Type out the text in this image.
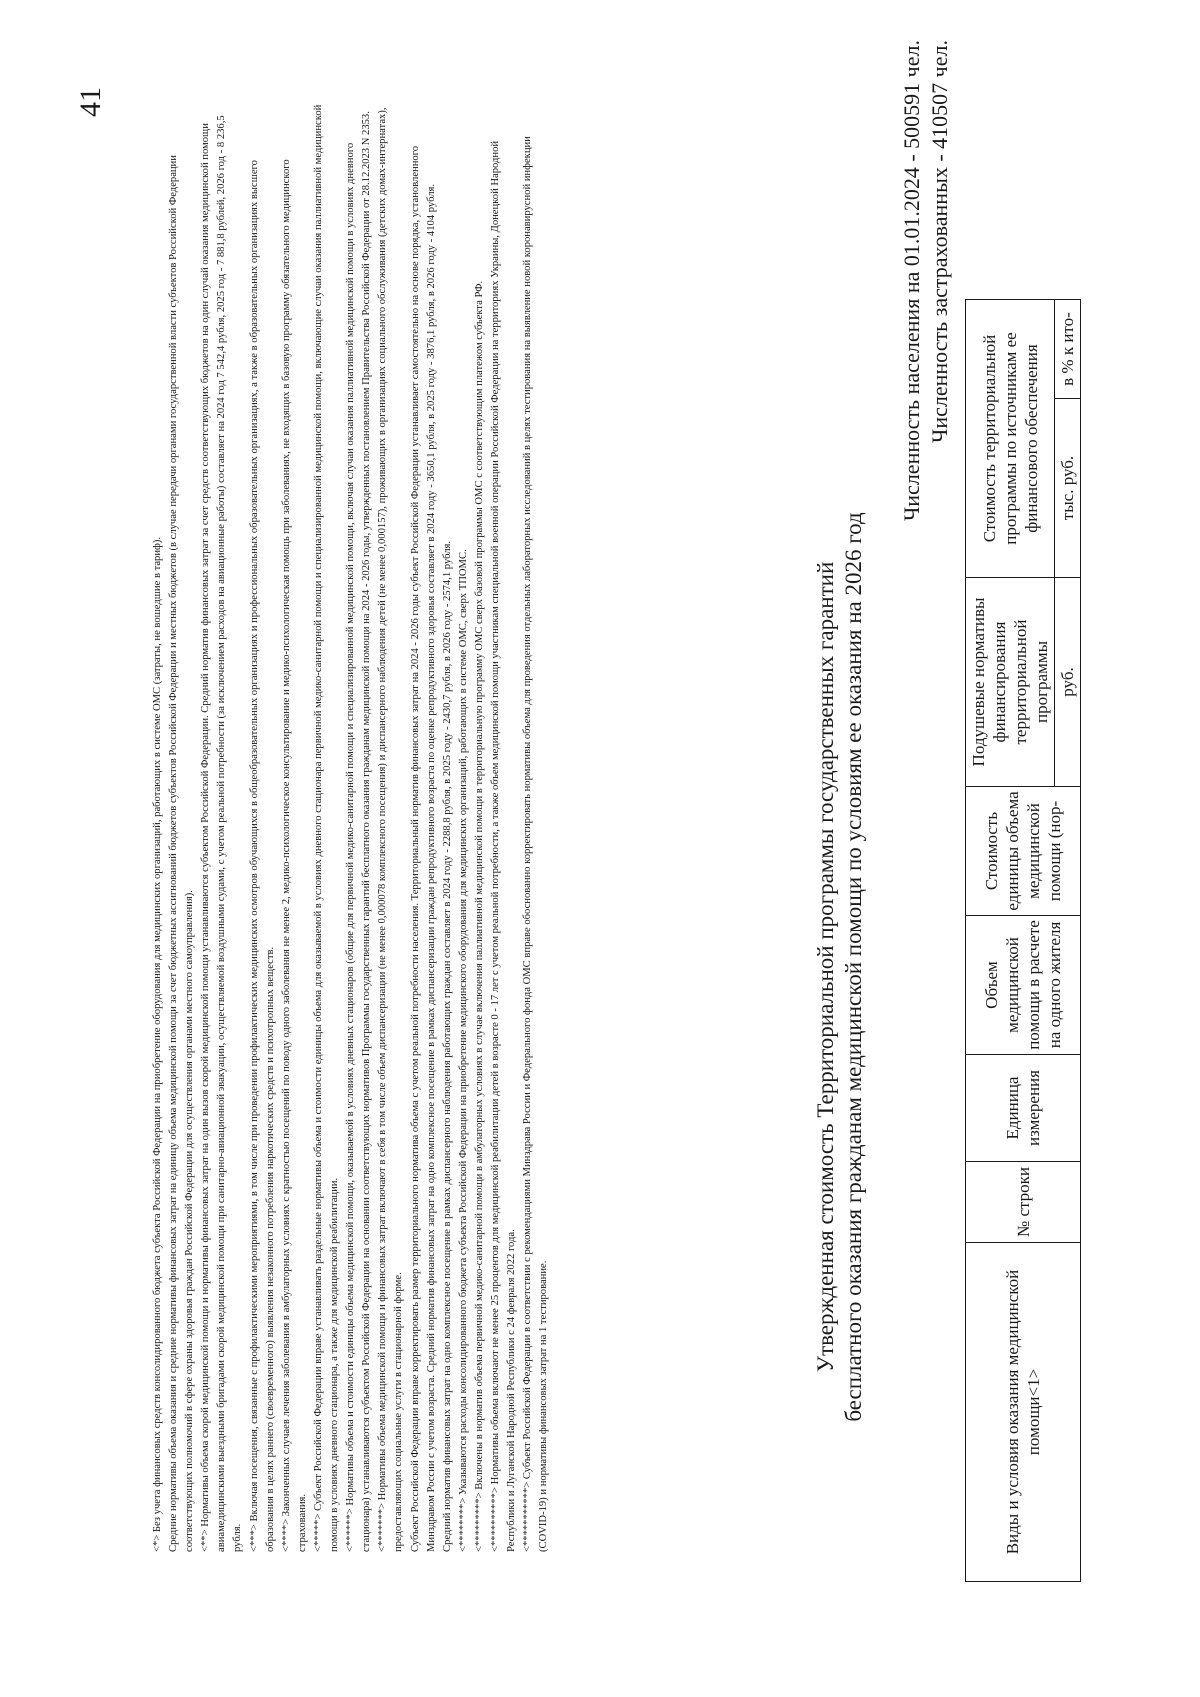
41

<*> Без учета финансовых средств консолидированного бюджета субъекта Российской Федерации на приобретение оборудования для медицинских организаций, работающих в системе ОМС (затраты, не вошедшие в тариф). Средние нормативы объема оказания и средние нормативы финансовых затрат на единицу объема медицинской помощи за счет бюджетных ассигнований бюджетов субъектов Российской Федерации и местных бюджетов (в случае передачи органами государственной власти субъектов Российской Федерации соответствующих полномочий в сфере охраны здоровья граждан Российской Федерации для осуществления органами местного самоуправления). <**> Нормативы объема скорой медицинской помощи и нормативы финансовых затрат на один вызов скорой медицинской помощи устанавливаются субъектом Российской Федерации. Средний норматив финансовых затрат за счет средств соответствующих бюджетов на один случай оказания медицинской помощи авиамедицинскими выездными бригадами скорой медицинской помощи при санитарно-авиационной эвакуации, осуществляемой воздушными судами, с учетом реальной потребности (за исключением расходов на авиационные работы) составляет на 2024 год 7 542,4 рубля, 2025 год - 7 881,8 рублей, 2026 год - 8 236,5 рубля. <***> Включая посещения, связанные с профилактическими мероприятиями, в том числе при проведении профилактических медицинских осмотров обучающихся в общеобразовательных организациях и профессиональных образовательных организациях, а также в образовательных организациях высшего образования в целях раннего (своевременного) выявления незаконного потребления наркотических средств и психотропных веществ. <****> Законченных случаев лечения заболевания в амбулаторных условиях с кратностью посещений по поводу одного заболевания не менее 2, медико-психологическое консультирование и медико-психологическая помощь при заболеваниях, не входящих в базовую программу обязательного медицинского страхования. <*****> Субъект Российской Федерации вправе устанавливать раздельные нормативы объема и стоимости единицы объема для оказываемой в условиях дневного стационара первичной медико-санитарной помощи и специализированной медицинской помощи, включающие случаи оказания паллиативной медицинской помощи в условиях дневного стационара, а также для медицинской реабилитации. <******> Нормативы объема и стоимости единицы объема медицинской помощи, оказываемой в условиях дневных стационаров (общие для первичной медико-санитарной помощи и специализированной медицинской помощи, включая случаи оказания паллиативной медицинской помощи в условиях дневного стационара) устанавливаются субъектом Российской Федерации на основании соответствующих нормативов Программы государственных гарантий бесплатного оказания гражданам медицинской помощи на 2024 - 2026 годы, утвержденных постановлением Правительства Российской Федерации от 28.12.2023 N 2353. <*******> Нормативы объема медицинской помощи и финансовых затрат включают в себя в том числе объем диспансеризации (не менее 0,000078 комплексного посещения) и диспансерного наблюдения детей (не менее 0,000157), проживающих в организациях социального обслуживания (детских домах-интернатах), предоставляющих социальные услуги в стационарной форме. Субъект Российской Федерации вправе корректировать размер территориального норматива объема с учетом реальной потребности населения. Территориальный норматив финансовых затрат на 2024 - 2026 годы субъект Российской Федерации устанавливает самостоятельно на основе порядка, установленного Минздравом России с учетом возраста. Средний норматив финансовых затрат на одно комплексное посещение в рамках диспансеризации граждан репродуктивного возраста по оценке репродуктивного здоровья составляет в 2024 году - 3650,1 рубля, в 2025 году - 3876,1 рубля, в 2026 году - 4104 рубля. Средний норматив финансовых затрат на одно комплексное посещение в рамках диспансерного наблюдения работающих граждан составляет в 2024 году - 2288,8 рубля, в 2025 году - 2430,7 рубля, в 2026 году - 2574,1 рубля. <********> Указываются расходы консолидированного бюджета субъекта Российской Федерации на приобретение медицинского оборудования для медицинских организаций, работающих в системе ОМС, сверх ТПОМС. <*********> Включены в норматив объема первичной медико-санитарной помощи в амбулаторных условиях в случае включения паллиативной медицинской помощи в территориальную программу ОМС сверх базовой программы ОМС с соответствующим платежом субъекта РФ. <**********> Нормативы объема включают не менее 25 процентов для медицинской реабилитации детей в возрасте 0 - 17 лет с учетом реальной потребности, а также объем медицинской помощи участникам специальной военной операции Российской Федерации на территориях Украины, Донецкой Народной Республики и Луганской Народной Республики с 24 февраля 2022 года. <***********> Субъект Российской Федерации в соответствии с рекомендациями Минздрава России и Федерального фонда ОМС вправе обоснованно корректировать нормативы объема для проведения отдельных лабораторных исследований в целях тестирования на выявление новой коронавирусной инфекции (COVID-19) и нормативы финансовых затрат на 1 тестирование.

Утвержденная стоимость Территориальной программы государственных гарантий бесплатного оказания гражданам медицинской помощи по условиям ее оказания на 2026 год
Численность населения на 01.01.2024 - 500591 чел. Численность застрахованных - 410507 чел.
Виды и условия оказания медицинской помощи<1>	№ строки	Единица измерения	Объем медицинской помощи в расчете на одного жителя	Стоимость единицы объема медицинской помощи (нор-	Подушевые нормативы финансирования территориальной программы	Стоимость территориальной программы по источникам ее финансового обеспечения	
					руб.	тыс. руб.	в % к ито-
